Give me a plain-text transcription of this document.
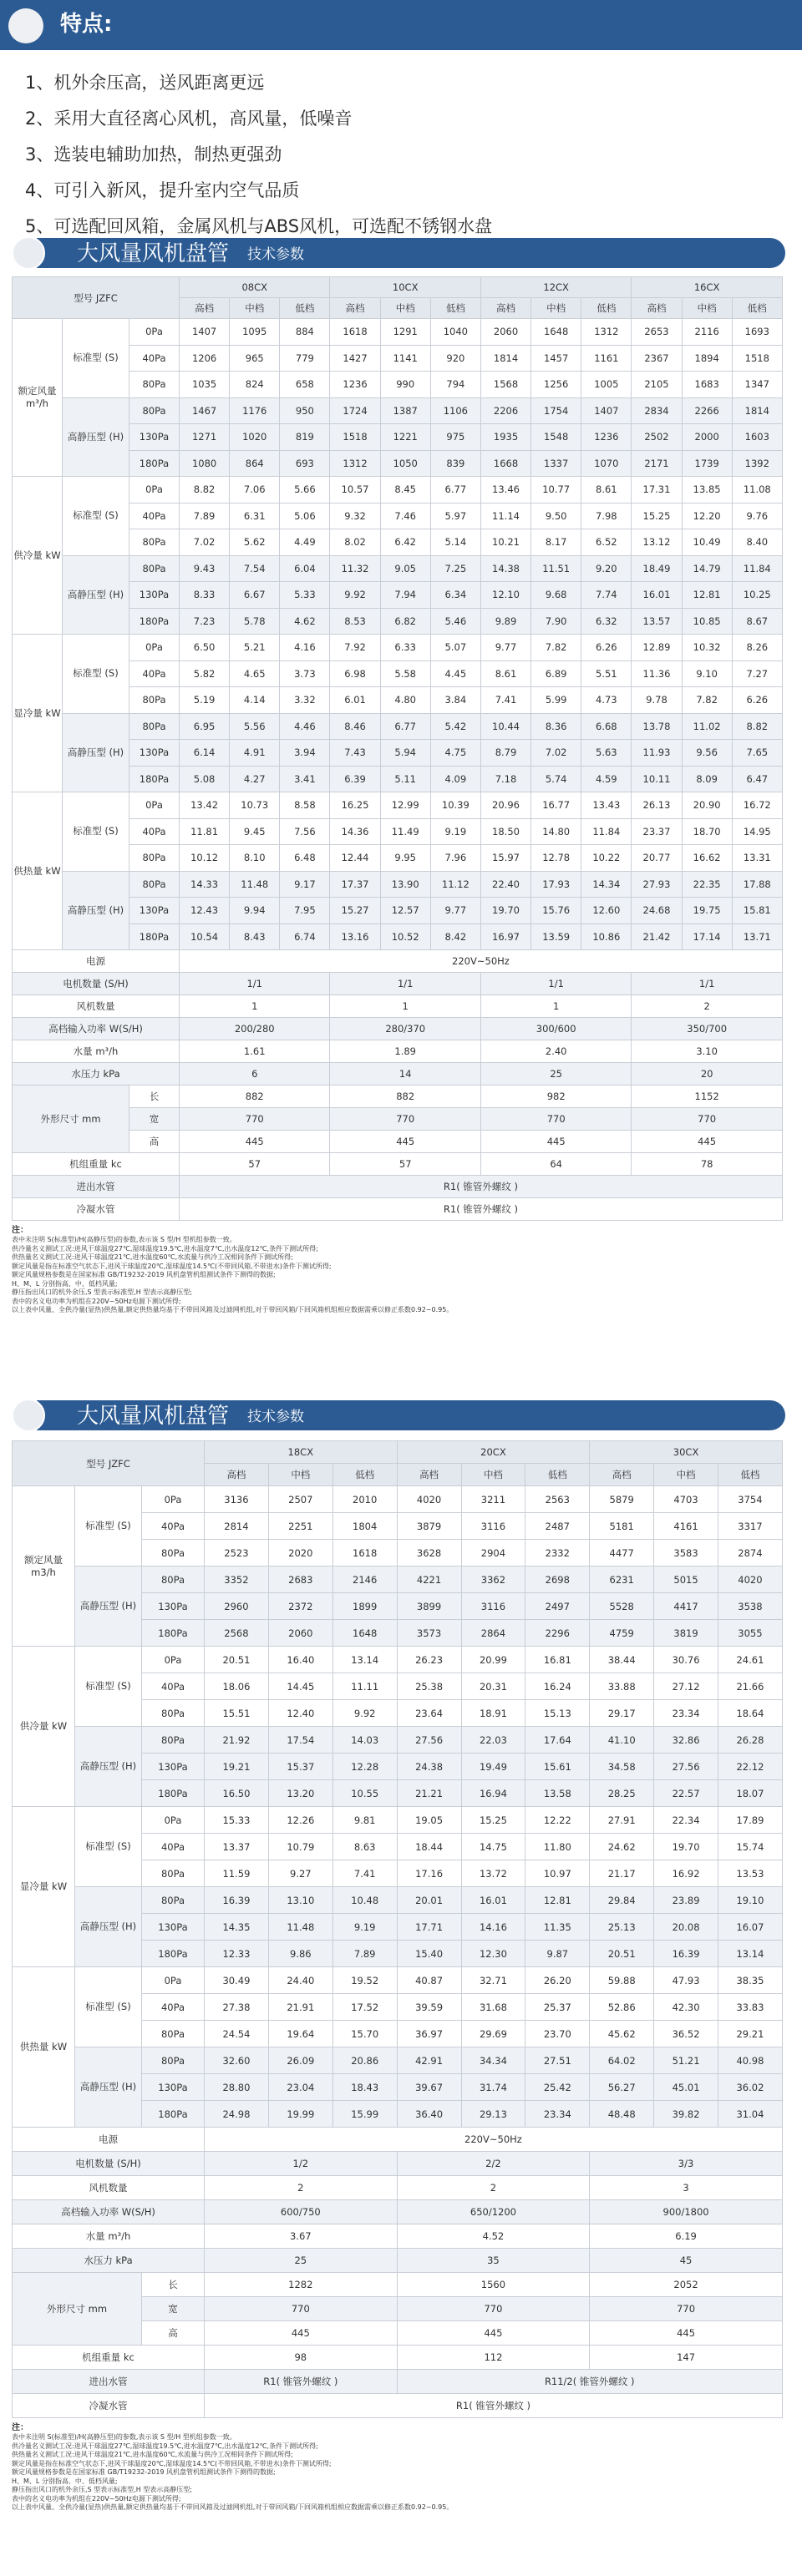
特点:
1、机外余压高，送风距离更远
2、采用大直径离心风机，高风量，低噪音
3、选装电辅助加热，制热更强劲
4、可引入新风，提升室内空气品质
5、可选配回风箱，金属风机与ABS风机，可选配不锈钢水盘
大风量风机盘管 技术参数
型号 JZFC			08CX			10CX			12CX			16CX		
			高档	中档	低档	高档	中档	低档	高档	中档	低档	高档	中档	低档
额定风量 m³/h	标准型 (S)	0Pa	1407	1095	884	1618	1291	1040	2060	1648	1312	2653	2116	1693
		40Pa	1206	965	779	1427	1141	920	1814	1457	1161	2367	1894	1518
		80Pa	1035	824	658	1236	990	794	1568	1256	1005	2105	1683	1347
	高静压型 (H)	80Pa	1467	1176	950	1724	1387	1106	2206	1754	1407	2834	2266	1814
		130Pa	1271	1020	819	1518	1221	975	1935	1548	1236	2502	2000	1603
		180Pa	1080	864	693	1312	1050	839	1668	1337	1070	2171	1739	1392
供冷量 kW	标准型 (S)	0Pa	8.82	7.06	5.66	10.57	8.45	6.77	13.46	10.77	8.61	17.31	13.85	11.08
		40Pa	7.89	6.31	5.06	9.32	7.46	5.97	11.14	9.50	7.98	15.25	12.20	9.76
		80Pa	7.02	5.62	4.49	8.02	6.42	5.14	10.21	8.17	6.52	13.12	10.49	8.40
	高静压型 (H)	80Pa	9.43	7.54	6.04	11.32	9.05	7.25	14.38	11.51	9.20	18.49	14.79	11.84
		130Pa	8.33	6.67	5.33	9.92	7.94	6.34	12.10	9.68	7.74	16.01	12.81	10.25
		180Pa	7.23	5.78	4.62	8.53	6.82	5.46	9.89	7.90	6.32	13.57	10.85	8.67
显冷量 kW	标准型 (S)	0Pa	6.50	5.21	4.16	7.92	6.33	5.07	9.77	7.82	6.26	12.89	10.32	8.26
		40Pa	5.82	4.65	3.73	6.98	5.58	4.45	8.61	6.89	5.51	11.36	9.10	7.27
		80Pa	5.19	4.14	3.32	6.01	4.80	3.84	7.41	5.99	4.73	9.78	7.82	6.26
	高静压型 (H)	80Pa	6.95	5.56	4.46	8.46	6.77	5.42	10.44	8.36	6.68	13.78	11.02	8.82
		130Pa	6.14	4.91	3.94	7.43	5.94	4.75	8.79	7.02	5.63	11.93	9.56	7.65
		180Pa	5.08	4.27	3.41	6.39	5.11	4.09	7.18	5.74	4.59	10.11	8.09	6.47
供热量 kW	标准型 (S)	0Pa	13.42	10.73	8.58	16.25	12.99	10.39	20.96	16.77	13.43	26.13	20.90	16.72
		40Pa	11.81	9.45	7.56	14.36	11.49	9.19	18.50	14.80	11.84	23.37	18.70	14.95
		80Pa	10.12	8.10	6.48	12.44	9.95	7.96	15.97	12.78	10.22	20.77	16.62	13.31
	高静压型 (H)	80Pa	14.33	11.48	9.17	17.37	13.90	11.12	22.40	17.93	14.34	27.93	22.35	17.88
		130Pa	12.43	9.94	7.95	15.27	12.57	9.77	19.70	15.76	12.60	24.68	19.75	15.81
		180Pa	10.54	8.43	6.74	13.16	10.52	8.42	16.97	13.59	10.86	21.42	17.14	13.71
电源			220V~50Hz											
电机数量 (S/H)			1/1			1/1			1/1			1/1		
风机数量			1			1			1			2		
高档输入功率 W(S/H)			200/280			280/370			300/600			350/700		
水量 m³/h			1.61			1.89			2.40			3.10		
水压力 kPa			6			14			25			20		
外形尺寸 mm		长	882			882			982			1152		
		宽	770			770			770			770		
		高	445			445			445			445		
机组重量 kc			57			57			64			78		
进出水管			R1( 锥管外螺纹 )											
冷凝水管			R1( 锥管外螺纹 )											
注：
表中未注明 S(标准型)/H(高静压型)的参数,表示该 S 型/H 型机组参数一致。
供冷量名义测试工况:进风干球温度27℃,湿球温度19.5℃,进水温度7℃,出水温度12℃,条件下测试所得;
供热量名义测试工况:进风干球温度21℃,进水温度60℃,水流量与供冷工况相同条件下测试所得;
额定风量是指在标准空气状态下,进风干球温度20℃,湿球温度14.5℃(不带回风箱,不带进水)条件下测试所得;
额定风量规格参数是在国家标准 GB/T19232-2019 风机盘管机组测试条件下测得的数据;
H、M、L 分别指高、中、低档风量;
静压指出风口的机外余压,S 型表示标准型,H 型表示高静压型;
表中的名义电功率为机组在220V~50Hz电源下测试所得;
以上表中风量、全供冷量(显热)供热量,额定供热量均基于不带回风箱及过滤网机组,对于带回风箱/下回风箱机组相应数据需乘以修正系数0.92~0.95。
大风量风机盘管 技术参数
型号 JZFC			18CX			20CX			30CX		
			高档	中档	低档	高档	中档	低档	高档	中档	低档
额定风量 m3/h	标准型 (S)	0Pa	3136	2507	2010	4020	3211	2563	5879	4703	3754
		40Pa	2814	2251	1804	3879	3116	2487	5181	4161	3317
		80Pa	2523	2020	1618	3628	2904	2332	4477	3583	2874
	高静压型 (H)	80Pa	3352	2683	2146	4221	3362	2698	6231	5015	4020
		130Pa	2960	2372	1899	3899	3116	2497	5528	4417	3538
		180Pa	2568	2060	1648	3573	2864	2296	4759	3819	3055
供冷量 kW	标准型 (S)	0Pa	20.51	16.40	13.14	26.23	20.99	16.81	38.44	30.76	24.61
		40Pa	18.06	14.45	11.11	25.38	20.31	16.24	33.88	27.12	21.66
		80Pa	15.51	12.40	9.92	23.64	18.91	15.13	29.17	23.34	18.64
	高静压型 (H)	80Pa	21.92	17.54	14.03	27.56	22.03	17.64	41.10	32.86	26.28
		130Pa	19.21	15.37	12.28	24.38	19.49	15.61	34.58	27.56	22.12
		180Pa	16.50	13.20	10.55	21.21	16.94	13.58	28.25	22.57	18.07
显冷量 kW	标准型 (S)	0Pa	15.33	12.26	9.81	19.05	15.25	12.22	27.91	22.34	17.89
		40Pa	13.37	10.79	8.63	18.44	14.75	11.80	24.62	19.70	15.74
		80Pa	11.59	9.27	7.41	17.16	13.72	10.97	21.17	16.92	13.53
	高静压型 (H)	80Pa	16.39	13.10	10.48	20.01	16.01	12.81	29.84	23.89	19.10
		130Pa	14.35	11.48	9.19	17.71	14.16	11.35	25.13	20.08	16.07
		180Pa	12.33	9.86	7.89	15.40	12.30	9.87	20.51	16.39	13.14
供热量 kW	标准型 (S)	0Pa	30.49	24.40	19.52	40.87	32.71	26.20	59.88	47.93	38.35
		40Pa	27.38	21.91	17.52	39.59	31.68	25.37	52.86	42.30	33.83
		80Pa	24.54	19.64	15.70	36.97	29.69	23.70	45.62	36.52	29.21
	高静压型 (H)	80Pa	32.60	26.09	20.86	42.91	34.34	27.51	64.02	51.21	40.98
		130Pa	28.80	23.04	18.43	39.67	31.74	25.42	56.27	45.01	36.02
		180Pa	24.98	19.99	15.99	36.40	29.13	23.34	48.48	39.82	31.04
电源			220V~50Hz								
电机数量 (S/H)			1/2			2/2			3/3		
风机数量			2			2			3		
高档输入功率 W(S/H)			600/750			650/1200			900/1800		
水量 m³/h			3.67			4.52			6.19		
水压力 kPa			25			35			45		
外形尺寸 mm		长	1282			1560			2052		
		宽	770			770			770		
		高	445			445			445		
机组重量 kc			98			112			147		
进出水管			R1( 锥管外螺纹 )			R11/2( 锥管外螺纹 )					
冷凝水管			R1( 锥管外螺纹 )								
注：
表中未注明 S(标准型)/H(高静压型)的参数,表示该 S 型/H 型机组参数一致。
供冷量名义测试工况:进风干球温度27℃,湿球温度19.5℃,进水温度7℃,出水温度12℃,条件下测试所得;
供热量名义测试工况:进风干球温度21℃,进水温度60℃,水流量与供冷工况相同条件下测试所得;
额定风量是指在标准空气状态下,进风干球温度20℃,湿球温度14.5℃(不带回风箱,不带进水)条件下测试所得;
额定风量规格参数是在国家标准 GB/T19232-2019 风机盘管机组测试条件下测得的数据;
H、M、L 分别指高、中、低档风量;
静压指出风口的机外余压,S 型表示标准型,H 型表示高静压型;
表中的名义电功率为机组在220V~50Hz电源下测试所得;
以上表中风量、全供冷量(显热)供热量,额定供热量均基于不带回风箱及过滤网机组,对于带回风箱/下回风箱机组相应数据需乘以修正系数0.92~0.95。
